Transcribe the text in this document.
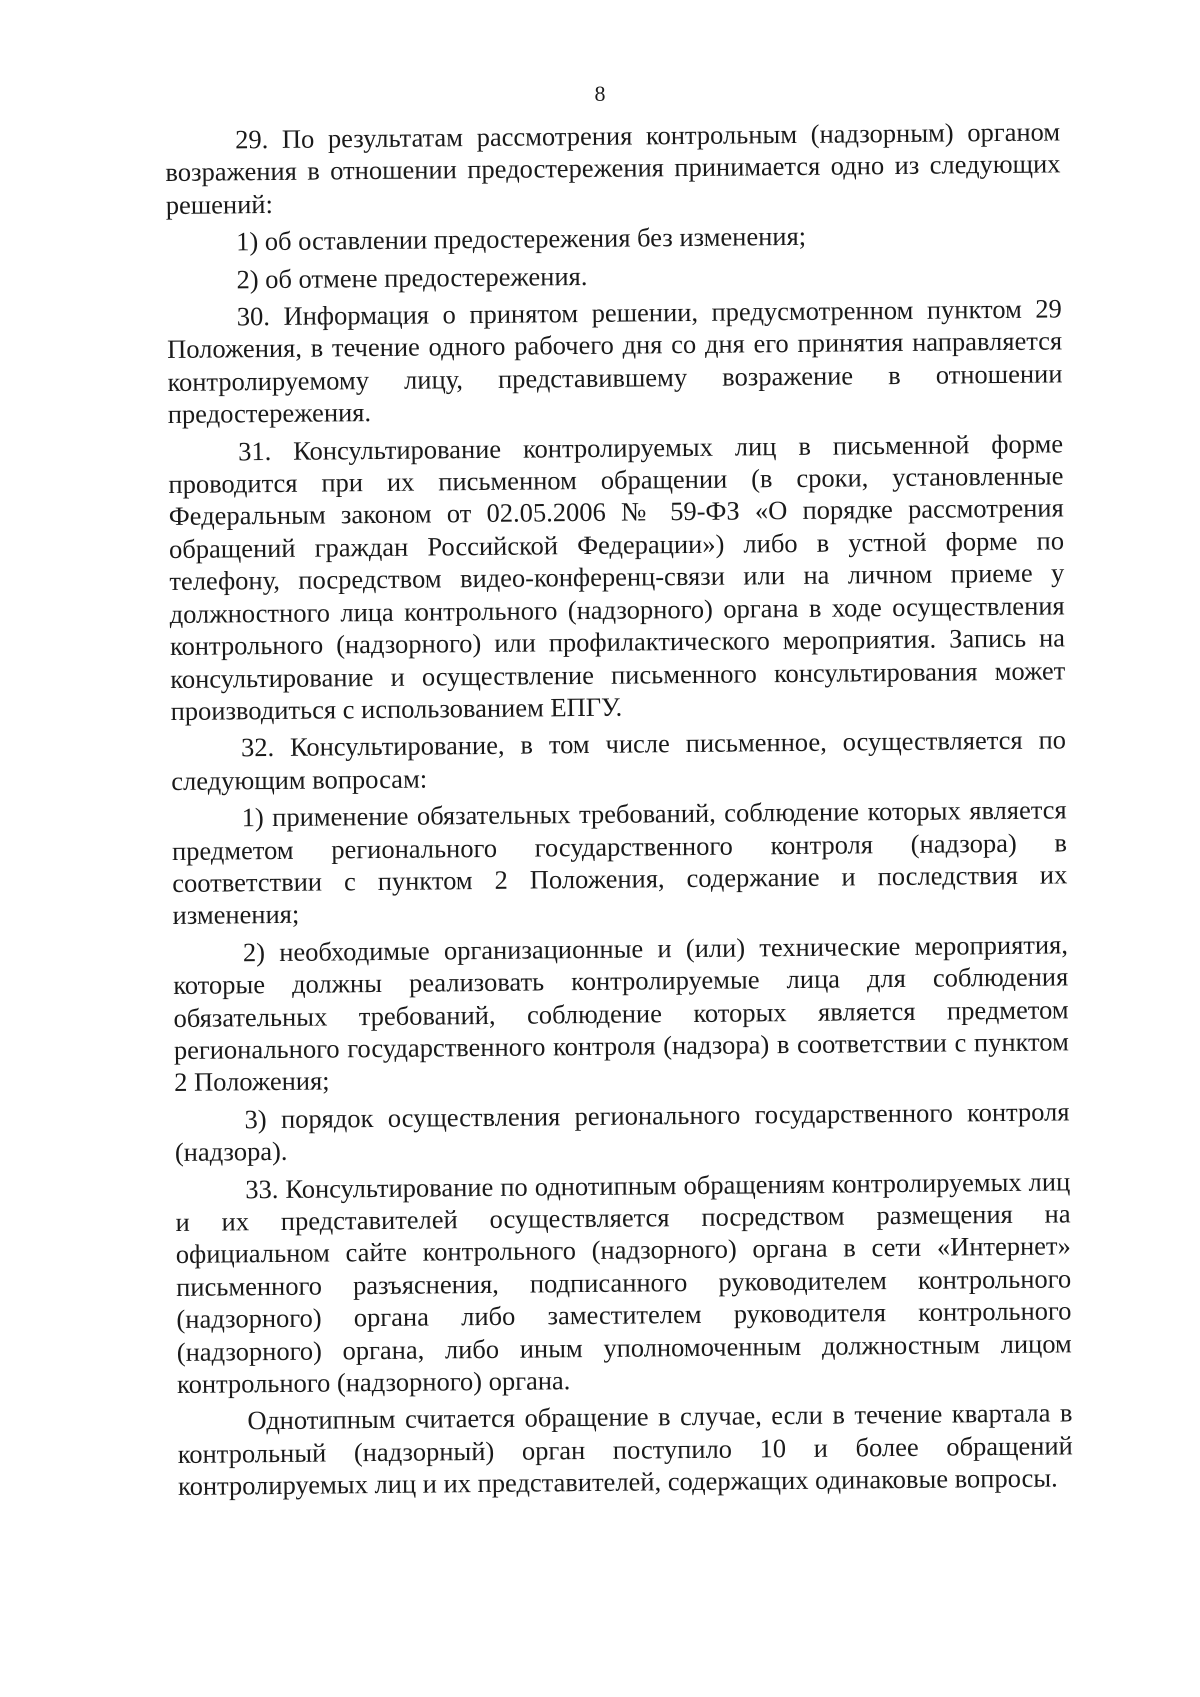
8

29. По результатам рассмотрения контрольным (надзорным) органом возражения в отношении предостережения принимается одно из следующих решений:

1) об оставлении предостережения без изменения;

2) об отмене предостережения.

30. Информация о принятом решении, предусмотренном пунктом 29 Положения, в течение одного рабочего дня со дня его принятия направляется контролируемому лицу, представившему возражение в отношении предостережения.

31. Консультирование контролируемых лиц в письменной форме проводится при их письменном обращении (в сроки, установленные Федеральным законом от 02.05.2006 № 59-ФЗ «О порядке рассмотрения обращений граждан Российской Федерации») либо в устной форме по телефону, посредством видео-конференц-связи или на личном приеме у должностного лица контрольного (надзорного) органа в ходе осуществления контрольного (надзорного) или профилактического мероприятия. Запись на консультирование и осуществление письменного консультирования может производиться с использованием ЕПГУ.

32. Консультирование, в том числе письменное, осуществляется по следующим вопросам:

1) применение обязательных требований, соблюдение которых является предметом регионального государственного контроля (надзора) в соответствии с пунктом 2 Положения, содержание и последствия их изменения;

2) необходимые организационные и (или) технические мероприятия, которые должны реализовать контролируемые лица для соблюдения обязательных требований, соблюдение которых является предметом регионального государственного контроля (надзора) в соответствии с пунктом 2 Положения;

3) порядок осуществления регионального государственного контроля (надзора).

33. Консультирование по однотипным обращениям контролируемых лиц и их представителей осуществляется посредством размещения на официальном сайте контрольного (надзорного) органа в сети «Интернет» письменного разъяснения, подписанного руководителем контрольного (надзорного) органа либо заместителем руководителя контрольного (надзорного) органа, либо иным уполномоченным должностным лицом контрольного (надзорного) органа.

Однотипным считается обращение в случае, если в течение квартала в контрольный (надзорный) орган поступило 10 и более обращений контролируемых лиц и их представителей, содержащих одинаковые вопросы.
